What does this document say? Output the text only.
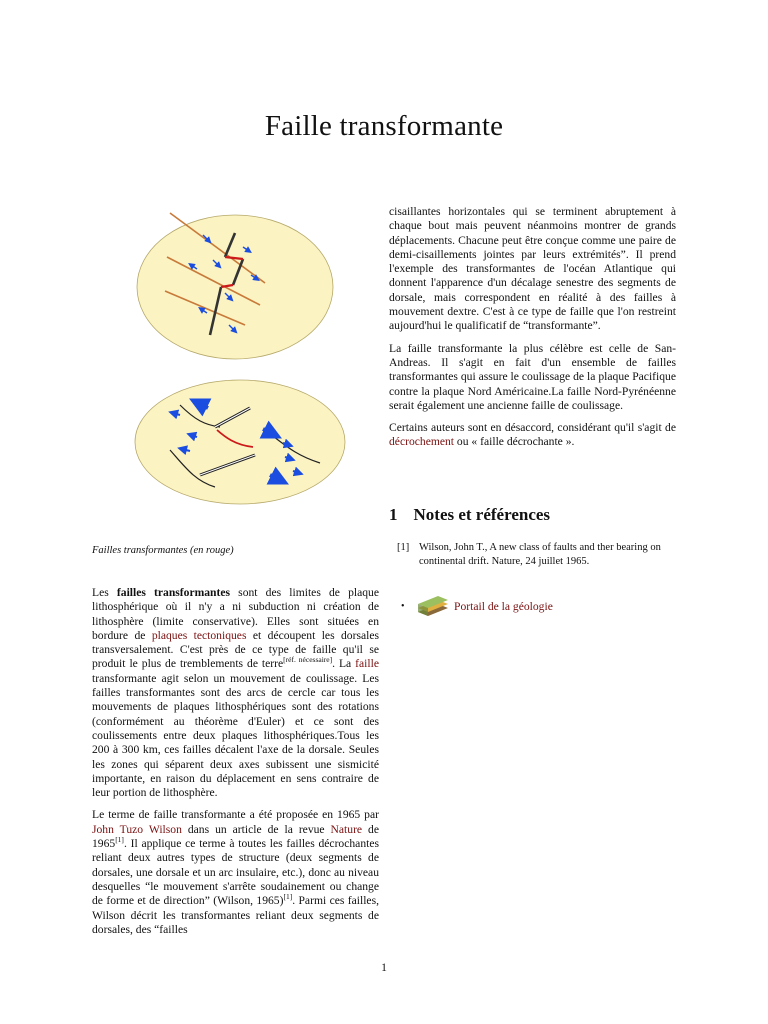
Faille transformante

Failles transformantes (en rouge)

Les failles transformantes sont des limites de plaque lithosphérique où il n'y a ni subduction ni création de lithosphère (limite conservative). Elles sont situées en bordure de plaques tectoniques et découpent les dorsales transversalement. C'est près de ce type de faille qu'il se produit le plus de tremblements de terre[réf. nécessaire]. La faille transformante agit selon un mouvement de coulissage. Les failles transformantes sont des arcs de cercle car tous les mouvements de plaques lithosphériques sont des rotations (conformément au théorème d'Euler) et ce sont des coulissements entre deux plaques lithosphériques.Tous les 200 à 300 km, ces failles décalent l'axe de la dorsale. Seules les zones qui séparent deux axes subissent une sismicité importante, en raison du déplacement en sens contraire de leur portion de lithosphère.

Le terme de faille transformante a été proposée en 1965 par John Tuzo Wilson dans un article de la revue Nature de 1965[1]. Il applique ce terme à toutes les failles décrochantes reliant deux autres types de structure (deux segments de dorsales, une dorsale et un arc insulaire, etc.), donc au niveau desquelles “le mouvement s'arrête soudainement ou change de forme et de direction” (Wilson, 1965)[1]. Parmi ces failles, Wilson décrit les transformantes reliant deux segments de dorsales, des “failles

cisaillantes horizontales qui se terminent abruptement à chaque bout mais peuvent néanmoins montrer de grands déplacements. Chacune peut être conçue comme une paire de demi-cisaillements jointes par leurs extrémités”. Il prend l'exemple des transformantes de l'océan Atlantique qui donnent l'apparence d'un décalage senestre des segments de dorsale, mais correspondent en réalité à des failles à mouvement dextre. C'est à ce type de faille que l'on restreint aujourd'hui le qualificatif de “transformante”.

La faille transformante la plus célèbre est celle de San-Andreas. Il s'agit en fait d'un ensemble de failles transformantes qui assure le coulissage de la plaque Pacifique contre la plaque Nord Américaine.La faille Nord-Pyrénéenne serait également une ancienne faille de coulissage.

Certains auteurs sont en désaccord, considérant qu'il s'agit de décrochement ou « faille décrochante ».

1 Notes et références
[1] Wilson, John T., A new class of faults and ther bearing on continental drift. Nature, 24 juillet 1965.
•	Portail de la géologie
1
